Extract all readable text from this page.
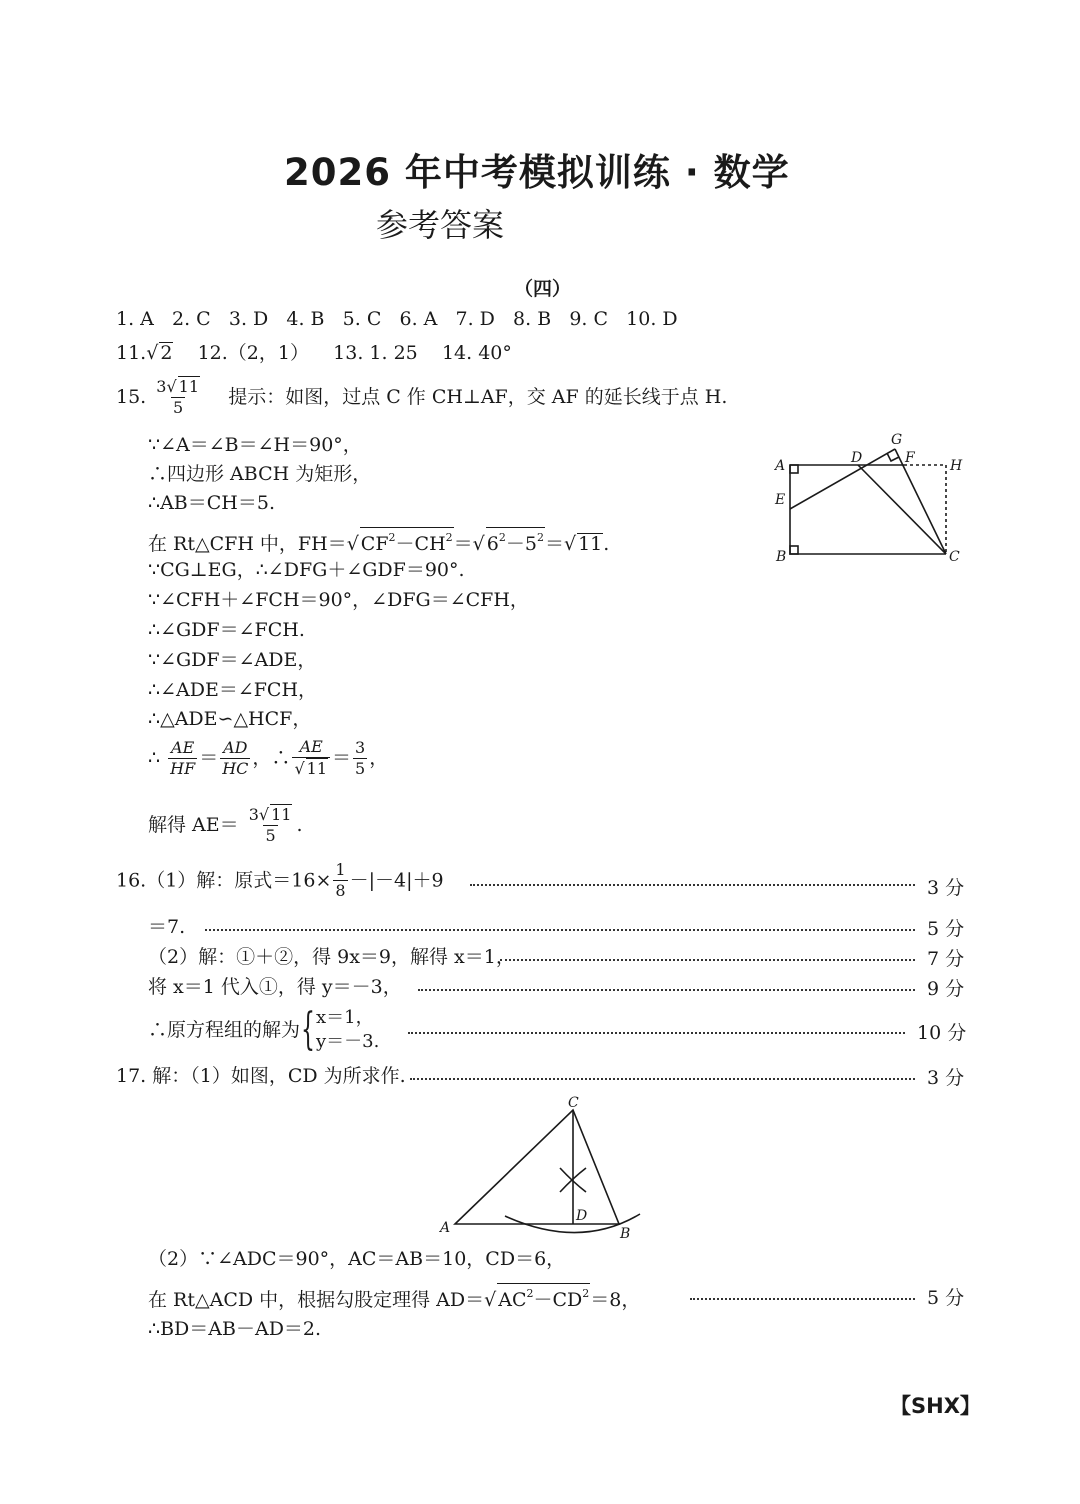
2026 年中考模拟训练 · 数学
参考答案
（四）
1. A 2. C 3. D 4. B 5. C 6. A 7. D 8. B 9. C 10. D
11.√ 2 12.（2，1） 13. 1. 25 14. 40°
15. $\frac{3√ 11}{5}$ 提示：如图，过点 C 作 CH⊥AF，交 AF 的延长线于点 H.
∵∠A＝∠B＝∠H＝90°，
∴四边形 ABCH 为矩形，
∴AB＝CH＝5.
在 Rt△CFH 中，FH＝√ $CF^2-CH^2=√$ $6^2-5^2=√$ 11.
∵CG⊥EG，∴∠DFG＋∠GDF＝90°.
∵∠CFH＋∠FCH＝90°，∠DFG＝∠CFH，
∴∠GDF＝∠FCH.
∵∠GDF＝∠ADE，
∴∠ADE＝∠FCH，
∴△ADE∽△HCF，
∴ $\frac{AE}{HF} = \frac{AD}{HC}$ ，∴ $\frac{AE}{√ 11} = \frac{3}{5}$ ，
解得 $AE= \frac{3√ 11}{5}$ .
A
E
B	C
D	F
G
H
16.（1）解：原式$=16\times \frac{1}{8} -|-4|+9$	3 分
＝7.	5 分
（2）解：①＋②，得 9x＝9，解得 x＝1，	7 分
将 x＝1 代入①，得 y＝－3，	9 分
∴原方程组的解为{ x＝1，
y＝－3.	10 分
17. 解：（1）如图，CD 为所求作.	3 分
C
A
D
B
（2）∵∠ADC＝90°，AC＝AB＝10，CD＝6，
在 Rt△ACD 中，根据勾股定理得 AD＝√ $AC^2-CD^2=8$，	5 分
∴BD＝AB－AD＝2.
【SHX】
